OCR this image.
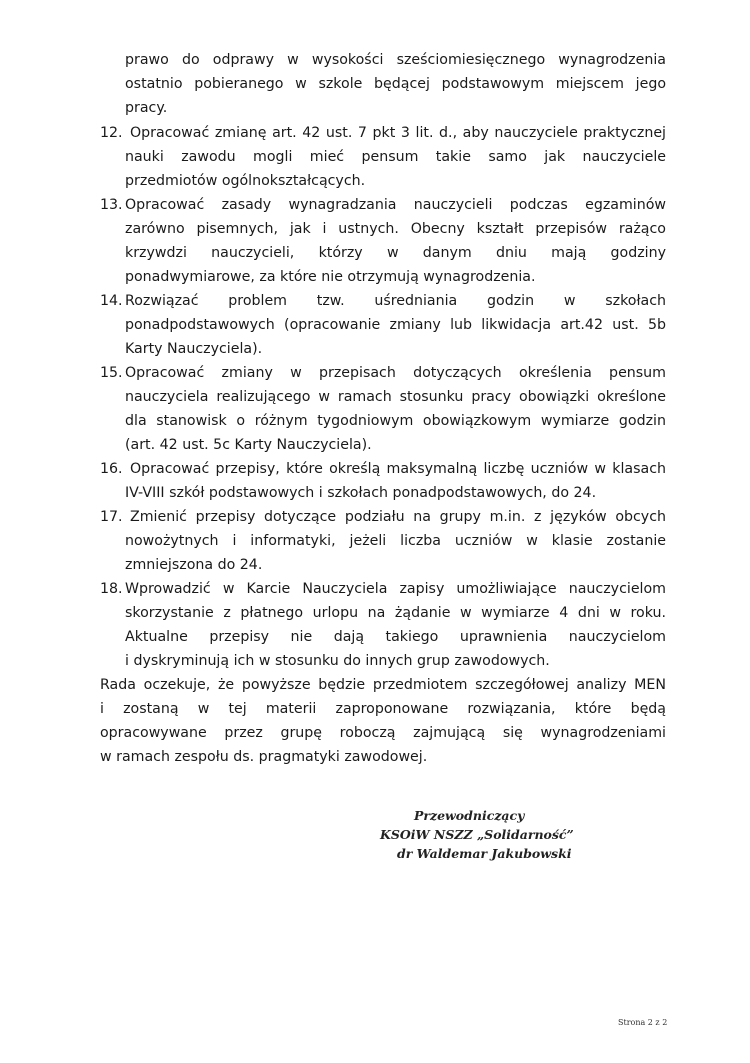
prawo do odprawy w wysokości sześciomiesięcznego wynagrodzenia
ostatnio pobieranego w szkole będącej podstawowym miejscem jego
pracy.
12. Opracować zmianę art. 42 ust. 7 pkt 3 lit. d., aby nauczyciele praktycznej
nauki zawodu mogli mieć pensum takie samo jak nauczyciele
przedmiotów ogólnokształcących.
13. Opracować zasady wynagradzania nauczycieli podczas egzaminów
zarówno pisemnych, jak i ustnych. Obecny kształt przepisów rażąco
krzywdzi nauczycieli, którzy w danym dniu mają godziny
ponadwymiarowe, za które nie otrzymują wynagrodzenia.
14. Rozwiązać problem tzw. uśredniania godzin w szkołach
ponadpodstawowych (opracowanie zmiany lub likwidacja art.42 ust. 5b
Karty Nauczyciela).
15. Opracować zmiany w przepisach dotyczących określenia pensum
nauczyciela realizującego w ramach stosunku pracy obowiązki określone
dla stanowisk o różnym tygodniowym obowiązkowym wymiarze godzin
(art. 42 ust. 5c Karty Nauczyciela).
16. Opracować przepisy, które określą maksymalną liczbę uczniów w klasach
IV-VIII szkół podstawowych i szkołach ponadpodstawowych, do 24.
17. Zmienić przepisy dotyczące podziału na grupy m.in. z języków obcych
nowożytnych i informatyki, jeżeli liczba uczniów w klasie zostanie
zmniejszona do 24.
18. Wprowadzić w Karcie Nauczyciela zapisy umożliwiające nauczycielom
skorzystanie z płatnego urlopu na żądanie w wymiarze 4 dni w roku.
Aktualne przepisy nie dają takiego uprawnienia nauczycielom
i dyskryminują ich w stosunku do innych grup zawodowych.
Rada oczekuje, że powyższe będzie przedmiotem szczegółowej analizy MEN
i zostaną w tej materii zaproponowane rozwiązania, które będą
opracowywane przez grupę roboczą zajmującą się wynagrodzeniami
w ramach zespołu ds. pragmatyki zawodowej.
Przewodniczący
KSOiW NSZZ „Solidarność”
dr Waldemar Jakubowski
Strona 2 z 2
